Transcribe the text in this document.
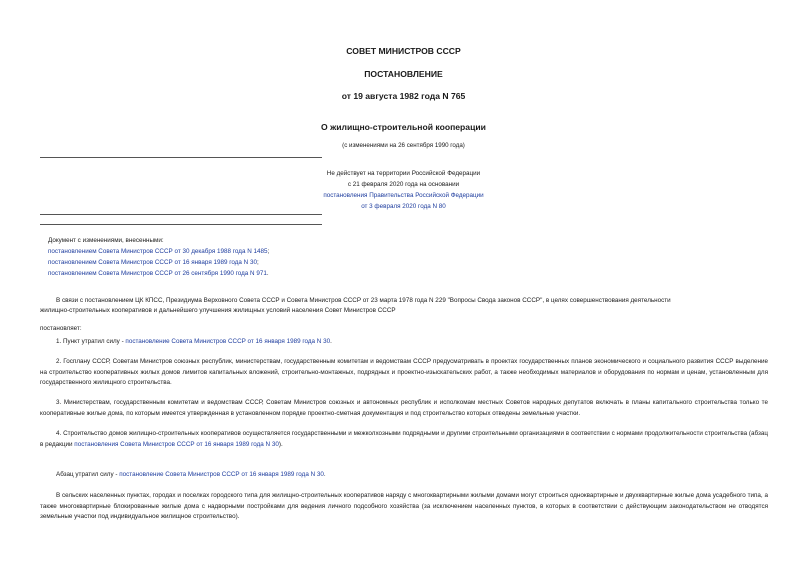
СОВЕТ МИНИСТРОВ СССР
ПОСТАНОВЛЕНИЕ
от 19 августа 1982 года N 765
О жилищно-строительной кооперации
(с изменениями на 26 сентября 1990 года)
Не действует на территории Российской Федерации
с 21 февраля 2020 года на основании
постановления Правительства Российской Федерации
от 3 февраля 2020 года N 80
Документ с изменениями, внесенными:
постановлением Совета Министров СССР от 30 декабря 1988 года N 1485;
постановлением Совета Министров СССР от 16 января 1989 года N 30;
постановлением Совета Министров СССР от 26 сентября 1990 года N 971.
В связи с постановлением ЦК КПСС, Президиума Верховного Совета СССР и Совета Министров СССР от 23 марта 1978 года N 229 "Вопросы Свода законов СССР", в целях совершенствования деятельности
жилищно-строительных кооперативов и дальнейшего улучшения жилищных условий населения Совет Министров СССР
постановляет:
1. Пункт утратил силу - постановление Совета Министров СССР от 16 января 1989 года N 30.
2. Госплану СССР, Советам Министров союзных республик, министерствам, государственным комитетам и ведомствам СССР предусматривать в проектах государственных планов экономического и социального развития СССР выделение на строительство кооперативных жилых домов лимитов капитальных вложений, строительно-монтажных, подрядных и проектно-изыскательских работ, а также необходимых материалов и оборудования по нормам и ценам, установленным для государственного жилищного строительства.
3. Министерствам, государственным комитетам и ведомствам СССР, Советам Министров союзных и автономных республик и исполкомам местных Советов народных депутатов включать в планы капитального строительства только те кооперативные жилые дома, по которым имеется утвержденная в установленном порядке проектно-сметная документация и под строительство которых отведены земельные участки.
4. Строительство домов жилищно-строительных кооперативов осуществляется государственными и межколхозными подрядными и другими строительными организациями в соответствии с нормами продолжительности строительства (абзац в редакции постановления Совета Министров СССР от 16 января 1989 года N 30).
Абзац утратил силу - постановление Совета Министров СССР от 16 января 1989 года N 30.
В сельских населенных пунктах, городах и поселках городского типа для жилищно-строительных кооперативов наряду с многоквартирными жилыми домами могут строиться одноквартирные и двухквартирные жилые дома усадебного типа, а также многоквартирные блокированные жилые дома с надворными постройками для ведения личного подсобного хозяйства (за исключением населенных пунктов, в которых в соответствии с действующим законодательством не отводятся земельные участки под индивидуальное жилищное строительство).
